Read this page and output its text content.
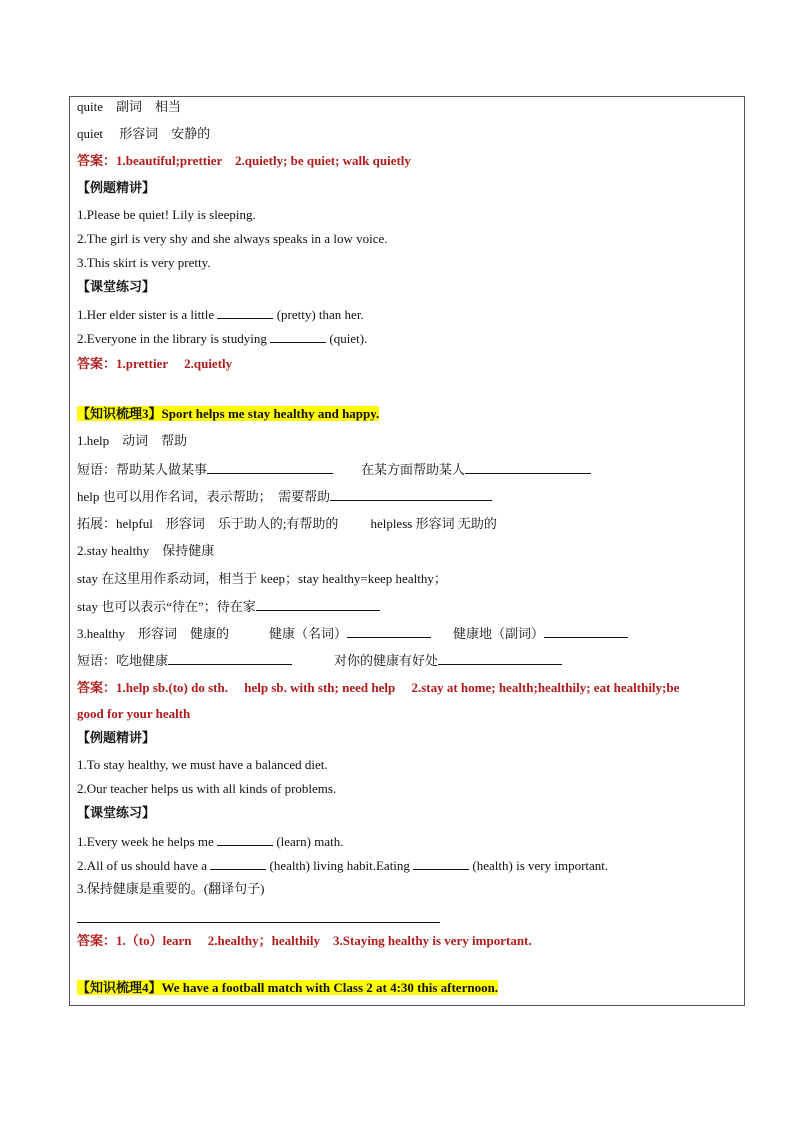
quite　副词　相当
quiet　 形容词　安静的
答案：1.beautiful;prettier　2.quietly; be quiet; walk quietly
【例题精讲】
1.Please be quiet! Lily is sleeping.
2.The girl is very shy and she always speaks in a low voice.
3.This skirt is very pretty.
【课堂练习】
1.Her elder sister is a little	(pretty) than her.
2.Everyone in the library is studying	(quiet).
答案：1.prettier　 2.quietly
【知识梳理3】Sport helps me stay healthy and happy.
1.help　动词　帮助
短语：帮助某人做某事	在某方面帮助某人
help 也可以用作名词，表示帮助；　需要帮助
拓展：helpful　形容词　乐于助人的;有帮助的 helpless 形容词 无助的
2.stay healthy　保持健康
stay 在这里用作系动词，相当于 keep；stay healthy=keep healthy；
stay 也可以表示“待在”；待在家
3.healthy　形容词　健康的	健康（名词）	健康地（副词）
短语：吃地健康	对你的健康有好处
答案：1.help sb.(to) do sth.　 help sb. with sth; need help　 2.stay at home; health;healthily; eat healthily;be
good for your health
【例题精讲】
1.To stay healthy, we must have a balanced diet.
2.Our teacher helps us with all kinds of problems.
【课堂练习】
1.Every week he helps me	(learn) math.
2.All of us should have a	(health) living habit.Eating	(health) is very important.
3.保持健康是重要的。(翻译句子)
答案：1.（to）learn　 2.healthy；healthily　3.Staying healthy is very important.
【知识梳理4】We have a football match with Class 2 at 4:30 this afternoon.
